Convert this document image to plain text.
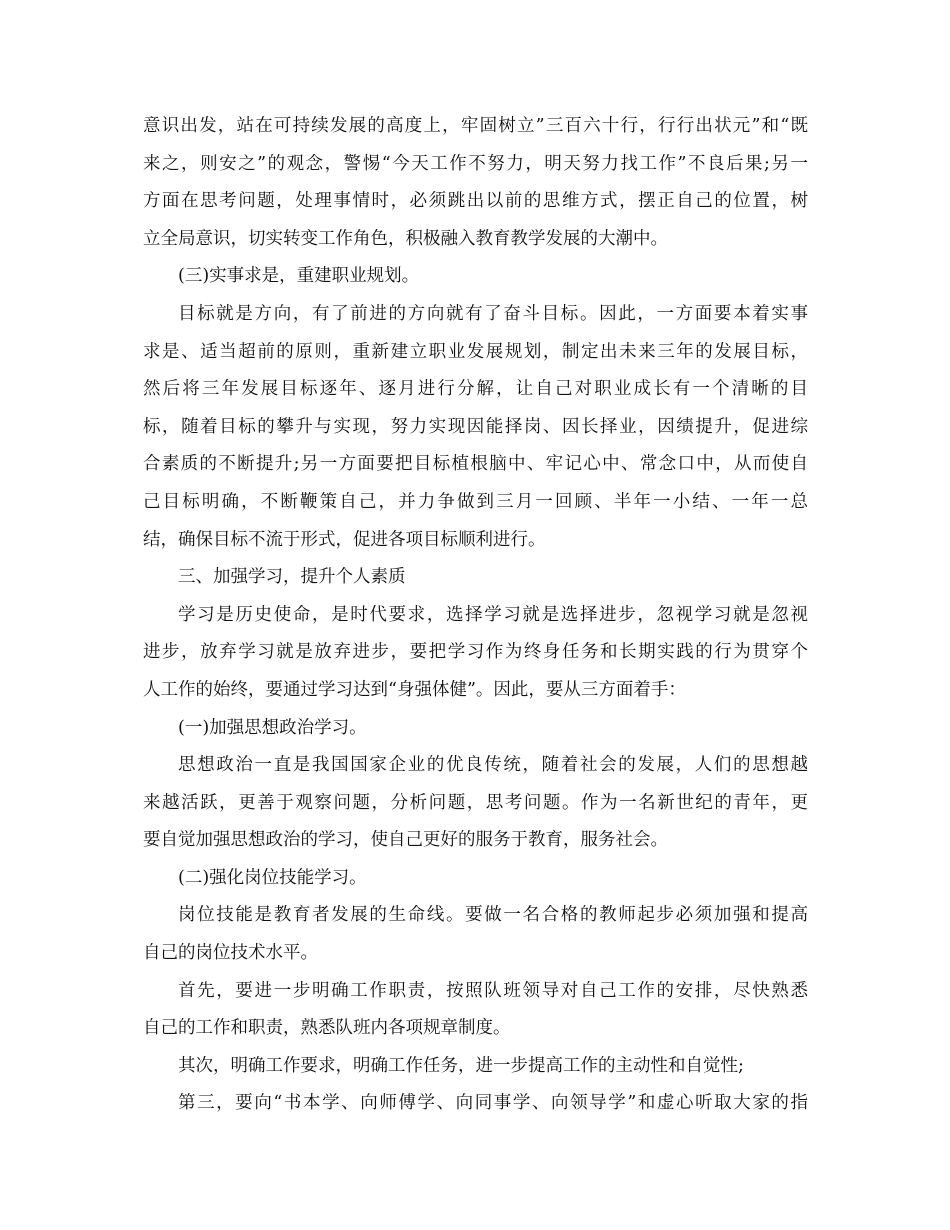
意识出发，站在可持续发展的高度上，牢固树立”三百六十行，行行出状元”和“既
来之，则安之”的观念，警惕“今天工作不努力，明天努力找工作”不良后果;另一
方面在思考问题，处理事情时，必须跳出以前的思维方式，摆正自己的位置，树
立全局意识，切实转变工作角色，积极融入教育教学发展的大潮中。
(三)实事求是，重建职业规划。
目标就是方向，有了前进的方向就有了奋斗目标。因此，一方面要本着实事
求是、适当超前的原则，重新建立职业发展规划，制定出未来三年的发展目标，
然后将三年发展目标逐年、逐月进行分解，让自己对职业成长有一个清晰的目
标，随着目标的攀升与实现，努力实现因能择岗、因长择业，因绩提升，促进综
合素质的不断提升;另一方面要把目标植根脑中、牢记心中、常念口中，从而使自
己目标明确，不断鞭策自己，并力争做到三月一回顾、半年一小结、一年一总
结，确保目标不流于形式，促进各项目标顺利进行。
三、加强学习，提升个人素质
学习是历史使命，是时代要求，选择学习就是选择进步，忽视学习就是忽视
进步，放弃学习就是放弃进步，要把学习作为终身任务和长期实践的行为贯穿个
人工作的始终，要通过学习达到“身强体健”。因此，要从三方面着手：
(一)加强思想政治学习。
思想政治一直是我国国家企业的优良传统，随着社会的发展，人们的思想越
来越活跃，更善于观察问题，分析问题，思考问题。作为一名新世纪的青年，更
要自觉加强思想政治的学习，使自己更好的服务于教育，服务社会。
(二)强化岗位技能学习。
岗位技能是教育者发展的生命线。要做一名合格的教师起步必须加强和提高
自己的岗位技术水平。
首先，要进一步明确工作职责，按照队班领导对自己工作的安排，尽快熟悉
自己的工作和职责，熟悉队班内各项规章制度。
其次，明确工作要求，明确工作任务，进一步提高工作的主动性和自觉性;
第三，要向“书本学、向师傅学、向同事学、向领导学”和虚心听取大家的指
